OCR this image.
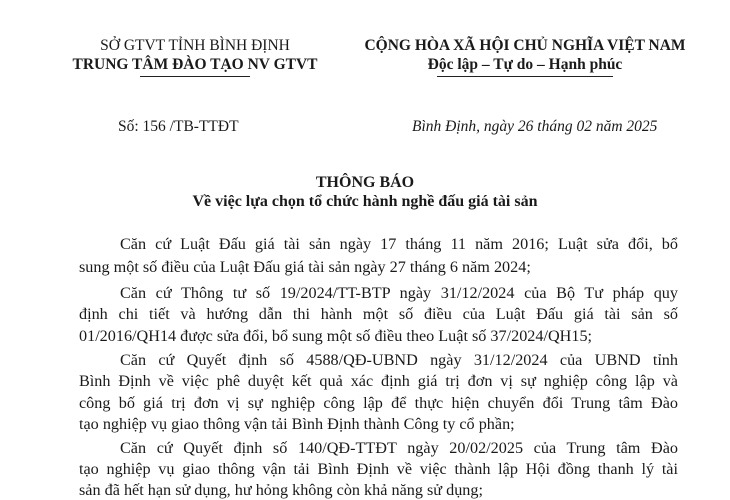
SỞ GTVT TỈNH BÌNH ĐỊNH
TRUNG TÂM ĐÀO TẠO NV GTVT
CỘNG HÒA XÃ HỘI CHỦ NGHĨA VIỆT NAM
Độc lập – Tự do – Hạnh phúc
Số: 156 /TB-TTĐT	Bình Định, ngày 26 tháng 02 năm 2025
THÔNG BÁO
Về việc lựa chọn tổ chức hành nghề đấu giá tài sản
Căn cứ Luật Đấu giá tài sản ngày 17 tháng 11 năm 2016; Luật sửa đổi, bổ
sung một số điều của Luật Đấu giá tài sản ngày 27 tháng 6 năm 2024;
Căn cứ Thông tư số 19/2024/TT-BTP ngày 31/12/2024 của Bộ Tư pháp quy
định chi tiết và hướng dẫn thi hành một số điều của Luật Đấu giá tài sản số
01/2016/QH14 được sửa đổi, bổ sung một số điều theo Luật số 37/2024/QH15;
Căn cứ Quyết định số 4588/QĐ-UBND ngày 31/12/2024 của UBND tỉnh
Bình Định về việc phê duyệt kết quả xác định giá trị đơn vị sự nghiệp công lập và
công bố giá trị đơn vị sự nghiệp công lập để thực hiện chuyển đổi Trung tâm Đào
tạo nghiệp vụ giao thông vận tải Bình Định thành Công ty cổ phần;
Căn cứ Quyết định số 140/QĐ-TTĐT ngày 20/02/2025 của Trung tâm Đào
tạo nghiệp vụ giao thông vận tải Bình Định về việc thành lập Hội đồng thanh lý tài
sản đã hết hạn sử dụng, hư hỏng không còn khả năng sử dụng;
